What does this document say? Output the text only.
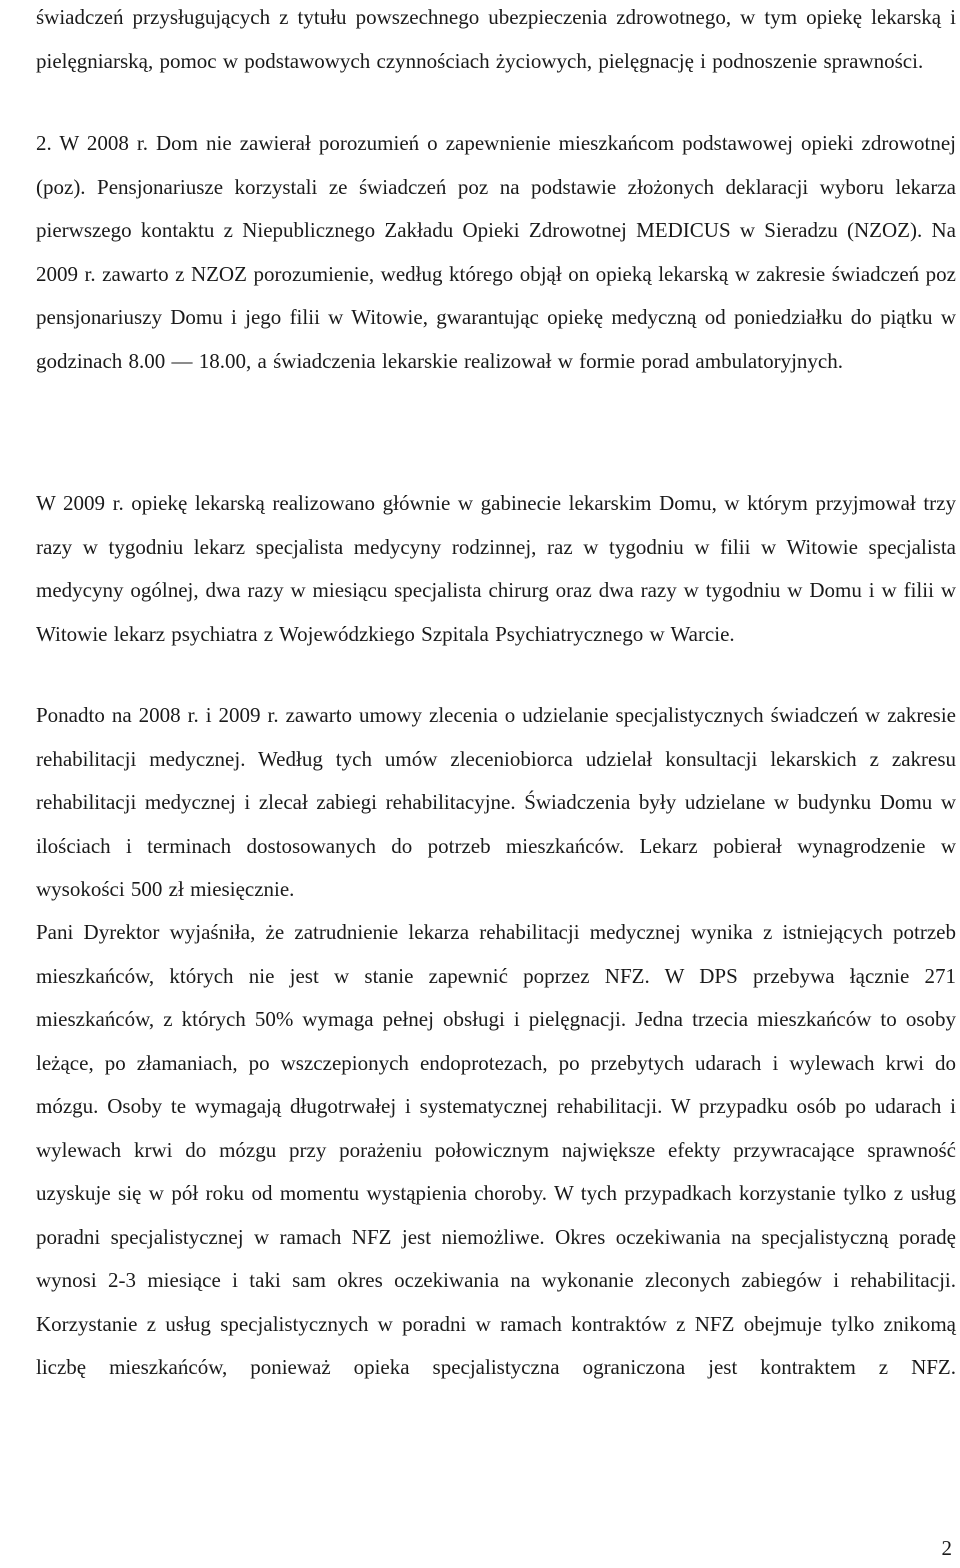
świadczeń przysługujących z tytułu powszechnego ubezpieczenia zdrowotnego, w tym opiekę lekarską i pielęgniarską, pomoc w podstawowych czynnościach życiowych, pielęgnację i podnoszenie sprawności.

2. W 2008 r. Dom nie zawierał porozumień o zapewnienie mieszkańcom podstawowej opieki zdrowotnej (poz). Pensjonariusze korzystali ze świadczeń poz na podstawie złożonych deklaracji wyboru lekarza pierwszego kontaktu z Niepublicznego Zakładu Opieki Zdrowotnej MEDICUS w Sieradzu (NZOZ). Na 2009 r. zawarto z NZOZ porozumienie, według którego objął on opieką lekarską w zakresie świadczeń poz pensjonariuszy Domu i jego filii w Witowie, gwarantując opiekę medyczną od poniedziałku do piątku w godzinach 8.00 — 18.00, a świadczenia lekarskie realizował w formie porad ambulatoryjnych.

W 2009 r. opiekę lekarską realizowano głównie w gabinecie lekarskim Domu, w którym przyjmował trzy razy w tygodniu lekarz specjalista medycyny rodzinnej, raz w tygodniu w filii w Witowie specjalista medycyny ogólnej, dwa razy w miesiącu specjalista chirurg oraz dwa razy w tygodniu w Domu i w filii w Witowie lekarz psychiatra z Wojewódzkiego Szpitala Psychiatrycznego w Warcie.

Ponadto na 2008 r. i 2009 r. zawarto umowy zlecenia o udzielanie specjalistycznych świadczeń w zakresie rehabilitacji medycznej. Według tych umów zleceniobiorca udzielał konsultacji lekarskich z zakresu rehabilitacji medycznej i zlecał zabiegi rehabilitacyjne. Świadczenia były udzielane w budynku Domu w ilościach i terminach dostosowanych do potrzeb mieszkańców. Lekarz pobierał wynagrodzenie w wysokości 500 zł miesięcznie.

Pani Dyrektor wyjaśniła, że zatrudnienie lekarza rehabilitacji medycznej wynika z istniejących potrzeb mieszkańców, których nie jest w stanie zapewnić poprzez NFZ. W DPS przebywa łącznie 271 mieszkańców, z których 50% wymaga pełnej obsługi i pielęgnacji. Jedna trzecia mieszkańców to osoby leżące, po złamaniach, po wszczepionych endoprotezach, po przebytych udarach i wylewach krwi do mózgu. Osoby te wymagają długotrwałej i systematycznej rehabilitacji. W przypadku osób po udarach i wylewach krwi do mózgu przy porażeniu połowicznym największe efekty przywracające sprawność uzyskuje się w pół roku od momentu wystąpienia choroby. W tych przypadkach korzystanie tylko z usług poradni specjalistycznej w ramach NFZ jest niemożliwe. Okres oczekiwania na specjalistyczną poradę wynosi 2-3 miesiące i taki sam okres oczekiwania na wykonanie zleconych zabiegów i rehabilitacji. Korzystanie z usług specjalistycznych w poradni w ramach kontraktów z NFZ obejmuje tylko znikomą liczbę mieszkańców, ponieważ opieka specjalistyczna ograniczona jest kontraktem z NFZ.

2
